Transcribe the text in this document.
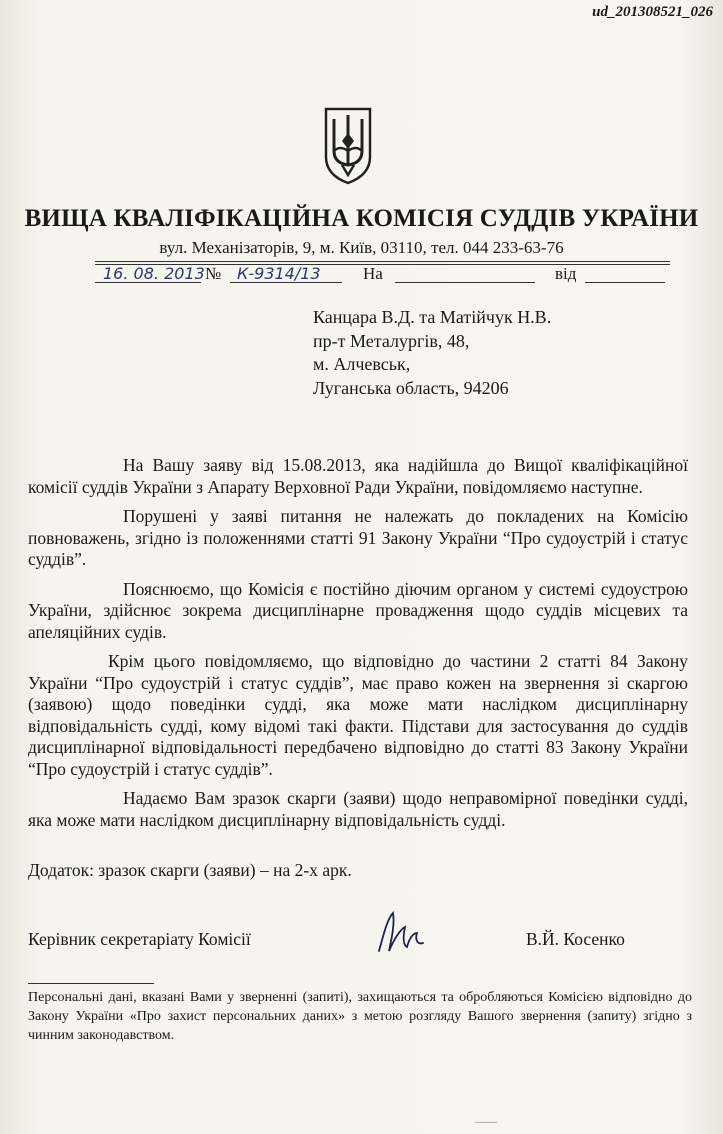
ud_201308521_026
ВИЩА КВАЛІФІКАЦІЙНА КОМІСІЯ СУДДІВ УКРАЇНИ
вул. Механізаторів, 9, м. Київ, 03110, тел. 044 233-63-76
16. 08. 2013 № К-9314/13 На	від
Канцара В.Д. та Матійчук Н.В.
пр-т Металургів, 48,
м. Алчевськ,
Луганська область, 94206

На Вашу заяву від 15.08.2013, яка надійшла до Вищої кваліфікаційної комісії суддів України з Апарату Верховної Ради України, повідомляємо наступне.

Порушені у заяві питання не належать до покладених на Комісію повноважень, згідно із положеннями статті 91 Закону України “Про судоустрій і статус суддів”.

Пояснюємо, що Комісія є постійно діючим органом у системі судоустрою України, здійснює зокрема дисциплінарне провадження щодо суддів місцевих та апеляційних судів.

Крім цього повідомляємо, що відповідно до частини 2 статті 84 Закону України “Про судоустрій і статус суддів”, має право кожен на звернення зі скаргою (заявою) щодо поведінки судді, яка може мати наслідком дисциплінарну відповідальність судді, кому відомі такі факти. Підстави для застосування до суддів дисциплінарної відповідальності передбачено відповідно до статті 83 Закону України “Про судоустрій і статус суддів”.

Надаємо Вам зразок скарги (заяви) щодо неправомірної поведінки судді, яка може мати наслідком дисциплінарну відповідальність судді.

Додаток: зразок скарги (заяви) – на 2-х арк.
Керівник секретаріату Комісії	В.Й. Косенко
Персональні дані, вказані Вами у зверненні (запиті), захищаються та обробляються Комісією відповідно до Закону України «Про захист персональних даних» з метою розгляду Вашого звернення (запиту) згідно з чинним законодавством.
____
